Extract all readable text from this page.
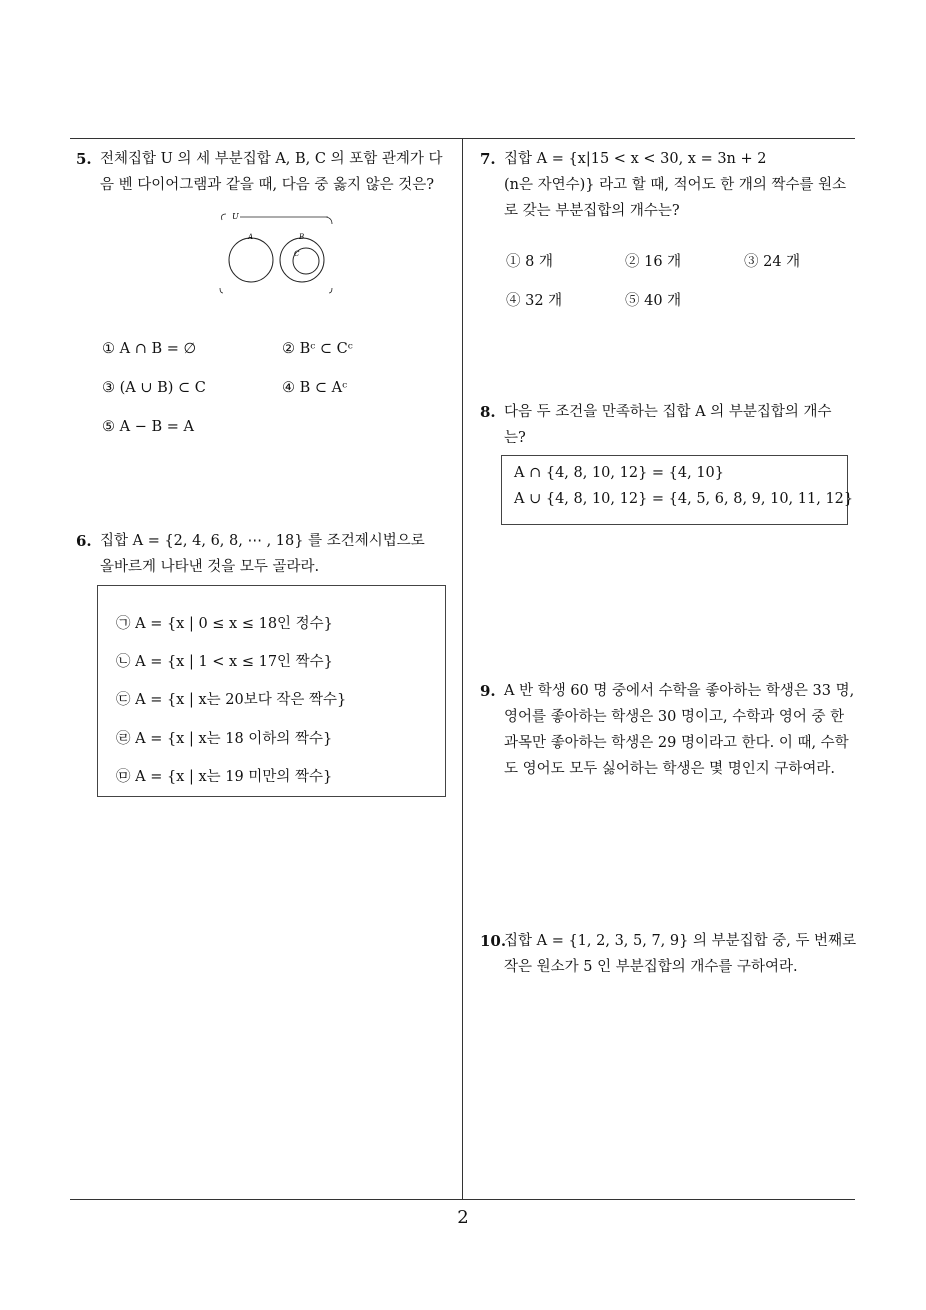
5. 전체집합 U 의 세 부분집합 A, B, C 의 포함 관계가 다
음 벤 다이어그램과 같을 때, 다음 중 옳지 않은 것은?
U
A	B
C
① A ∩ B = ∅	② Bᶜ ⊂ Cᶜ
③ (A ∪ B) ⊂ C	④ B ⊂ Aᶜ
⑤ A − B = A
6. 집합 A = {2, 4, 6, 8, ⋯ , 18} 를 조건제시법으로
올바르게 나타낸 것을 모두 골라라.
㉠ A = {x | 0 ≤ x ≤ 18인 정수}
㉡ A = {x | 1 < x ≤ 17인 짝수}
㉢ A = {x | x는 20보다 작은 짝수}
㉣ A = {x | x는 18 이하의 짝수}
㉤ A = {x | x는 19 미만의 짝수}
7. 집합 A = {x|15 < x < 30, x = 3n + 2
(n은 자연수)} 라고 할 때, 적어도 한 개의 짝수를 원소
로 갖는 부분집합의 개수는?
① 8 개	② 16 개	③ 24 개
④ 32 개	⑤ 40 개
8. 다음 두 조건을 만족하는 집합 A 의 부분집합의 개수
는?
A ∩ {4, 8, 10, 12} = {4, 10}
A ∪ {4, 8, 10, 12} = {4, 5, 6, 8, 9, 10, 11, 12}
9. A 반 학생 60 명 중에서 수학을 좋아하는 학생은 33 명,
영어를 좋아하는 학생은 30 명이고, 수학과 영어 중 한
과목만 좋아하는 학생은 29 명이라고 한다. 이 때, 수학
도 영어도 모두 싫어하는 학생은 몇 명인지 구하여라.
10.
집합 A = {1, 2, 3, 5, 7, 9} 의 부분집합 중, 두 번째로
작은 원소가 5 인 부분집합의 개수를 구하여라.
2
